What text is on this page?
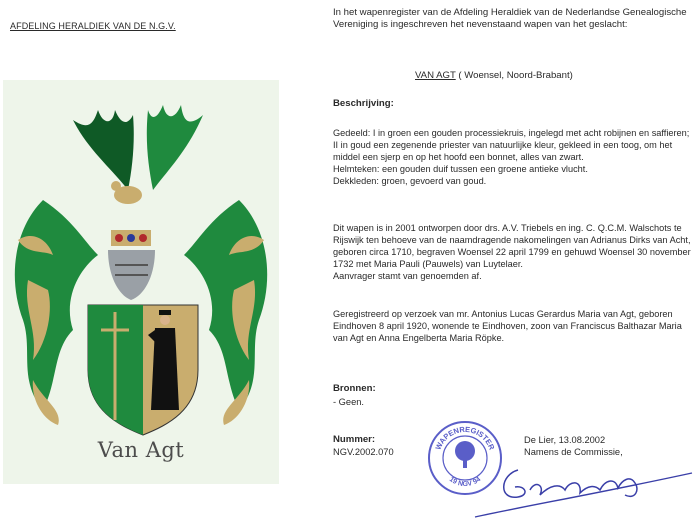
AFDELING HERALDIEK VAN DE N.G.V.
Van Agt
In het wapenregister van de Afdeling Heraldiek van de Nederlandse Genealogische Vereniging is ingeschreven het nevenstaand wapen van het geslacht:
VAN AGT ( Woensel, Noord-Brabant)
Beschrijving:

Gedeeld: I in groen een gouden processiekruis, ingelegd met acht robijnen en saffieren; II in goud een zegenende priester van natuurlijke kleur, gekleed in een toog, om het middel een sjerp en op het hoofd een bonnet, alles van zwart.

Helmteken: een gouden duif tussen een groene antieke vlucht.

Dekkleden: groen, gevoerd van goud.

Dit wapen is in 2001 ontworpen door drs. A.V. Triebels en ing. C. Q.C.M. Walschots te Rijswijk ten behoeve van de naamdragende nakomelingen van Adrianus Dirks van Acht, geboren circa 1710, begraven Woensel 22 april 1799 en gehuwd Woensel 30 november 1732 met Maria Pauli (Pauwels) van Luytelaer.

Aanvrager stamt van genoemden af.

Geregistreerd op verzoek van mr. Antonius Lucas Gerardus Maria van Agt, geboren Eindhoven 8 april 1920, wonende te Eindhoven, zoon van Franciscus Balthazar Maria van Agt en Anna Engelberta Maria Röpke.
Bronnen:
- Geen.
Nummer:
NGV.2002.070
WAPENREGISTER
19 NGV 94
De Lier, 13.08.2002
Namens de Commissie,
